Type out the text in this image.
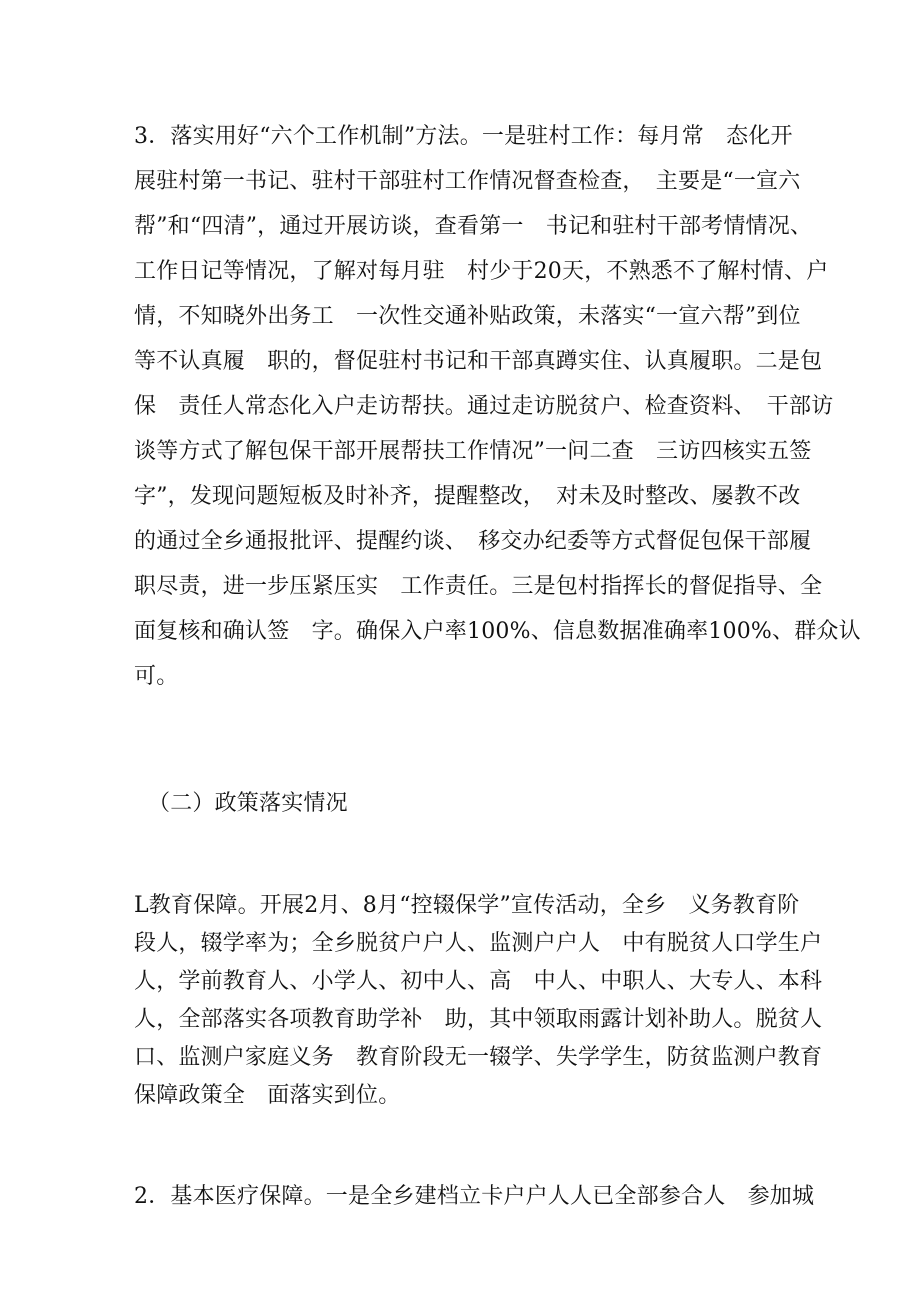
3．落实用好“六个工作机制”方法。一是驻村工作：每月常　态化开
展驻村第一书记、驻村干部驻村工作情况督查检查，　主要是“一宣六
帮”和“四清”，通过开展访谈，查看第一　书记和驻村干部考情情况、
工作日记等情况，了解对每月驻　村少于20天，不熟悉不了解村情、户
情，不知晓外出务工　一次性交通补贴政策，未落实“一宣六帮”到位
等不认真履　职的，督促驻村书记和干部真蹲实住、认真履职。二是包
保　责任人常态化入户走访帮扶。通过走访脱贫户、检查资料、　干部访
谈等方式了解包保干部开展帮扶工作情况”一问二查　三访四核实五签
字”，发现问题短板及时补齐，提醒整改，　对未及时整改、屡教不改
的通过全乡通报批评、提醒约谈、　移交办纪委等方式督促包保干部履
职尽责，进一步压紧压实　工作责任。三是包村指挥长的督促指导、全
面复核和确认签　字。确保入户率100%、信息数据准确率100%、群众认
可。
（二）政策落实情况
L教育保障。开展2月、8月“控辍保学”宣传活动，全乡　义务教育阶
段人，辍学率为；全乡脱贫户户人、监测户户人　中有脱贫人口学生户
人，学前教育人、小学人、初中人、高　中人、中职人、大专人、本科
人，全部落实各项教育助学补　助，其中领取雨露计划补助人。脱贫人
口、监测户家庭义务　教育阶段无一辍学、失学学生，防贫监测户教育
保障政策全　面落实到位。
2．基本医疗保障。一是全乡建档立卡户户人人已全部参合人　参加城
